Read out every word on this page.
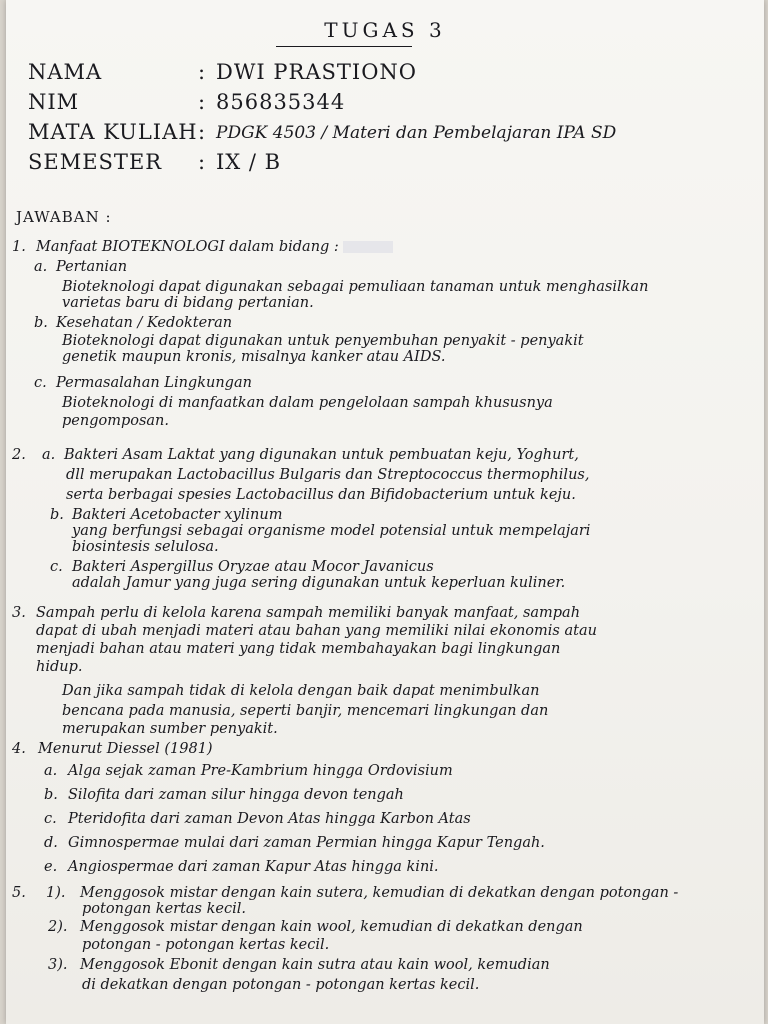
TUGAS 3
NAMA	: DWI PRASTIONO
NIM	: 856835344
MATA KULIAH : PDGK 4503 / Materi dan Pembelajaran IPA SD
SEMESTER : IX / B
JAWABAN :
1. Manfaat BIOTEKNOLOGI dalam bidang :
a. Pertanian
Bioteknologi dapat digunakan sebagai pemuliaan tanaman untuk menghasilkan
varietas baru di bidang pertanian.
b. Kesehatan / Kedokteran
Bioteknologi dapat digunakan untuk penyembuhan penyakit - penyakit
genetik maupun kronis, misalnya kanker atau AIDS.
c. Permasalahan Lingkungan
Bioteknologi di manfaatkan dalam pengelolaan sampah khususnya
pengomposan.
2. a. Bakteri Asam Laktat yang digunakan untuk pembuatan keju, Yoghurt,
dll merupakan Lactobacillus Bulgaris dan Streptococcus thermophilus,
serta berbagai spesies Lactobacillus dan Bifidobacterium untuk keju.
b. Bakteri Acetobacter xylinum
yang berfungsi sebagai organisme model potensial untuk mempelajari
biosintesis selulosa.
c. Bakteri Aspergillus Oryzae atau Mocor Javanicus
adalah Jamur yang juga sering digunakan untuk keperluan kuliner.
3. Sampah perlu di kelola karena sampah memiliki banyak manfaat, sampah
dapat di ubah menjadi materi atau bahan yang memiliki nilai ekonomis atau
menjadi bahan atau materi yang tidak membahayakan bagi lingkungan
hidup.
Dan jika sampah tidak di kelola dengan baik dapat menimbulkan
bencana pada manusia, seperti banjir, mencemari lingkungan dan
merupakan sumber penyakit.
4. Menurut Diessel (1981)
a. Alga sejak zaman Pre-Kambrium hingga Ordovisium
b. Silofita dari zaman silur hingga devon tengah
c. Pteridofita dari zaman Devon Atas hingga Karbon Atas
d. Gimnospermae mulai dari zaman Permian hingga Kapur Tengah.
e. Angiospermae dari zaman Kapur Atas hingga kini.
5. 1). Menggosok mistar dengan kain sutera, kemudian di dekatkan dengan potongan -
potongan kertas kecil.
2). Menggosok mistar dengan kain wool, kemudian di dekatkan dengan
potongan - potongan kertas kecil.
3). Menggosok Ebonit dengan kain sutra atau kain wool, kemudian
di dekatkan dengan potongan - potongan kertas kecil.
